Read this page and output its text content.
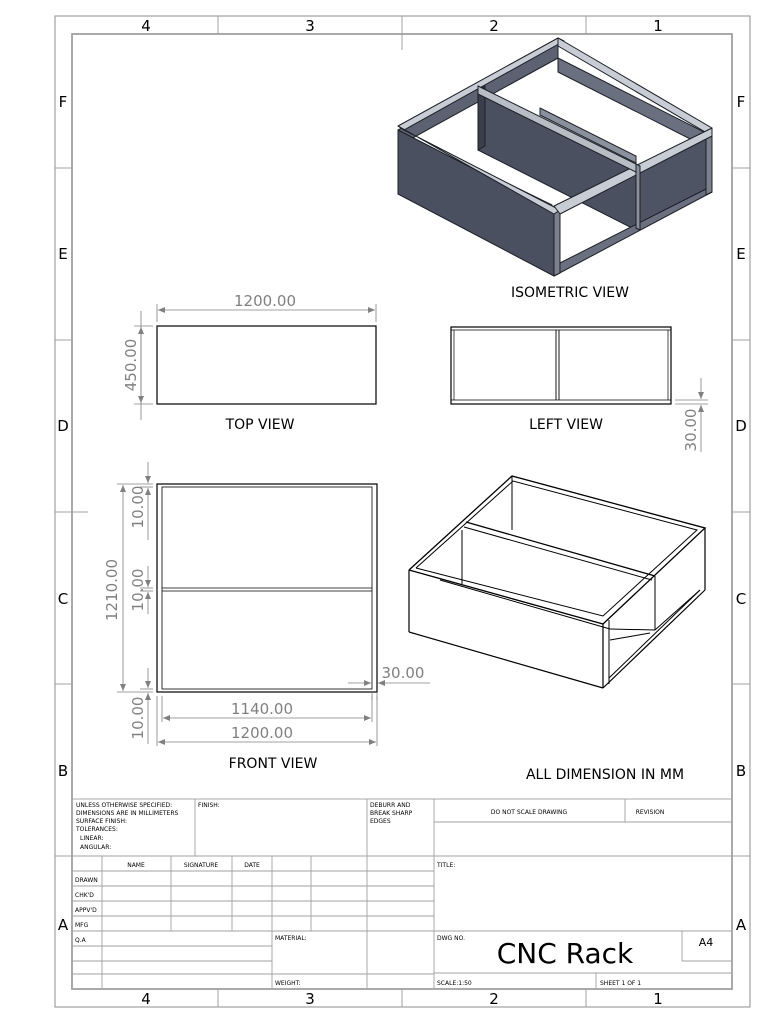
4	3	2	1
4	3	2	1
F
E
D
C
B
A
F
E
D
C
B
A
ISOMETRIC VIEW
1200.00
450.00
TOP VIEW	30.00
LEFT VIEW
10.00
10.00
1210.00
10.00
30.00
1140.00
1200.00
FRONT VIEW
ALL DIMENSION IN MM
UNLESS OTHERWISE SPECIFIED:
DIMENSIONS ARE IN MILLIMETERS
SURFACE FINISH:
TOLERANCES:
LINEAR:
ANGULAR:
FINISH:	DEBURR AND
BREAK SHARP
EDGES
DO NOT SCALE DRAWING	REVISION
NAME	SIGNATURE	DATE
DRAWN
CHK'D
APPV'D
MFG
Q.A
TITLE:
MATERIAL:
WEIGHT:
DWG NO. CNC Rack	A4
SCALE:1:50	SHEET 1 OF 1
